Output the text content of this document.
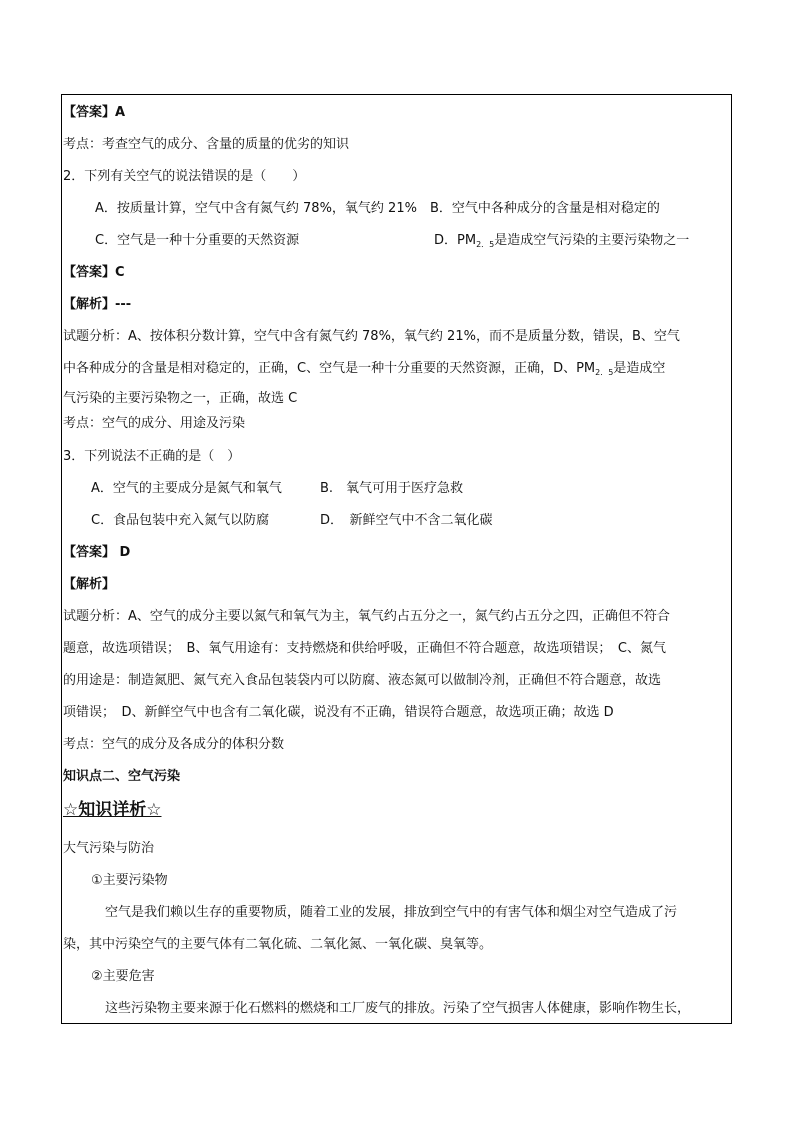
【答案】A
考点：考查空气的成分、含量的质量的优劣的知识
2．下列有关空气的说法错误的是（　　）
A．按质量计算，空气中含有氮气约 78%，氧气约 21%　B．空气中各种成分的含量是相对稳定的
C．空气是一种十分重要的天然资源	D．$PM_{2.5}$是造成空气污染的主要污染物之一
【答案】C
【解析】---
试题分析：A、按体积分数计算，空气中含有氮气约 78%，氧气约 21%，而不是质量分数，错误，B、空气
中各种成分的含量是相对稳定的，正确，C、空气是一种十分重要的天然资源，正确，D、$PM_{2.5}$是造成空
气污染的主要污染物之一，正确，故选 C
考点：空气的成分、用途及污染
3．下列说法不正确的是（　）
A．空气的主要成分是氮气和氧气	B.　氧气可用于医疗急救
C．食品包装中充入氮气以防腐	D．　新鲜空气中不含二氧化碳
【答案】 D
【解析】
试题分析：A、空气的成分主要以氮气和氧气为主，氧气约占五分之一，氮气约占五分之四，正确但不符合
题意，故选项错误；　B、氧气用途有：支持燃烧和供给呼吸，正确但不符合题意，故选项错误；　C、氮气
的用途是：制造氮肥、氮气充入食品包装袋内可以防腐、液态氮可以做制冷剂，正确但不符合题意，故选
项错误；　D、新鲜空气中也含有二氧化碳，说没有不正确，错误符合题意，故选项正确；故选 D
考点：空气的成分及各成分的体积分数
知识点二、空气污染
☆知识详析☆
大气污染与防治
①主要污染物
空气是我们赖以生存的重要物质，随着工业的发展，排放到空气中的有害气体和烟尘对空气造成了污
染，其中污染空气的主要气体有二氧化硫、二氧化氮、一氧化碳、臭氧等。
②主要危害
这些污染物主要来源于化石燃料的燃烧和工厂废气的排放。污染了空气损害人体健康，影响作物生长，
